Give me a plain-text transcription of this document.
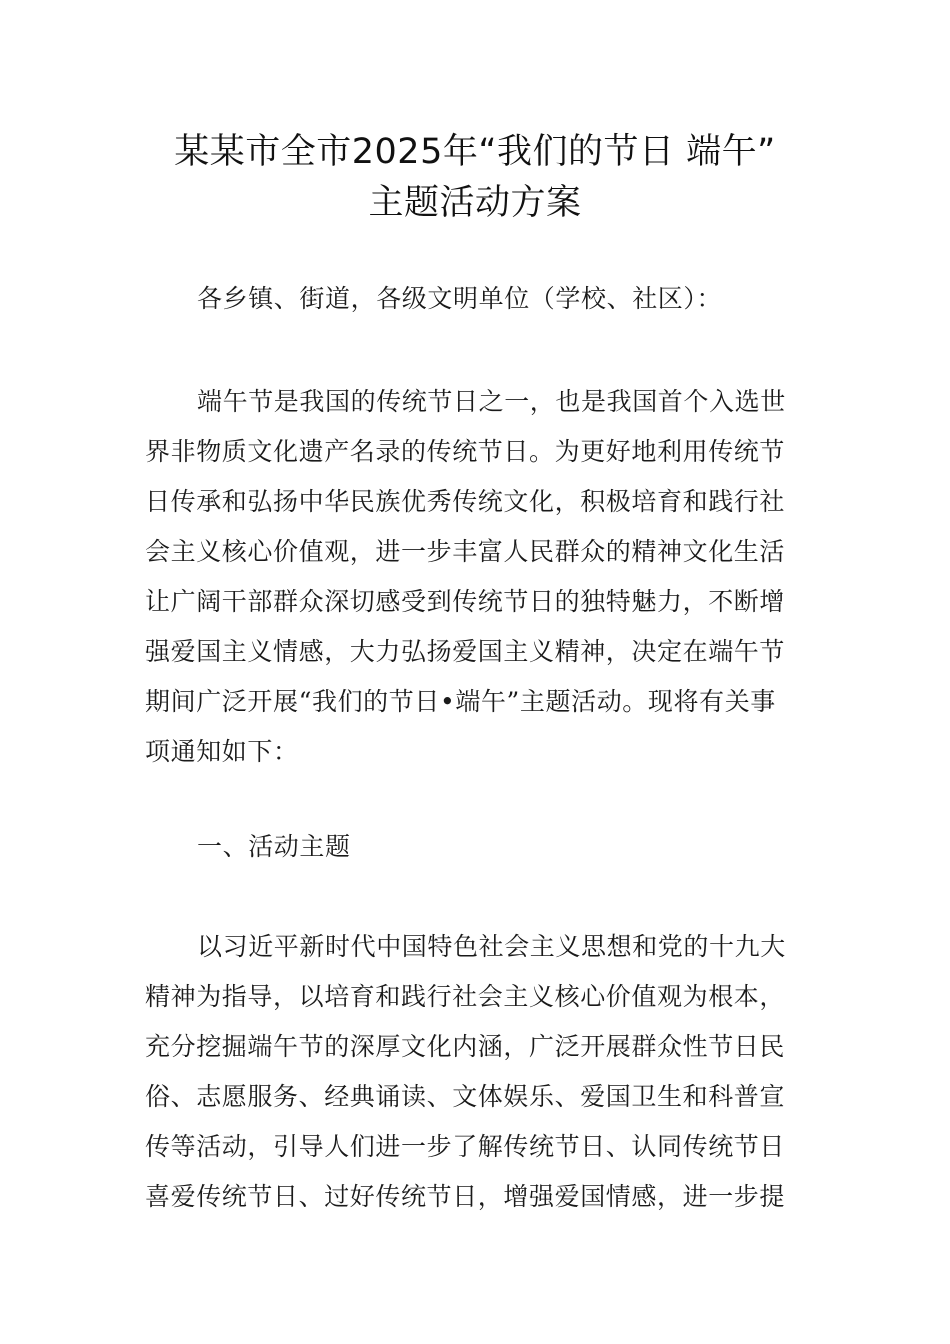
某某市全市2025年“我们的节日 端午”
主题活动方案
各乡镇、街道，各级文明单位（学校、社区）：
端午节是我国的传统节日之一，也是我国首个入选世
界非物质文化遗产名录的传统节日。为更好地利用传统节
日传承和弘扬中华民族优秀传统文化，积极培育和践行社
会主义核心价值观，进一步丰富人民群众的精神文化生活
让广阔干部群众深切感受到传统节日的独特魅力，不断增
强爱国主义情感，大力弘扬爱国主义精神，决定在端午节
期间广泛开展“我们的节日•端午”主题活动。现将有关事
项通知如下：
一、活动主题
以习近平新时代中国特色社会主义思想和党的十九大
精神为指导，以培育和践行社会主义核心价值观为根本，
充分挖掘端午节的深厚文化内涵，广泛开展群众性节日民
俗、志愿服务、经典诵读、文体娱乐、爱国卫生和科普宣
传等活动，引导人们进一步了解传统节日、认同传统节日
喜爱传统节日、过好传统节日，增强爱国情感，进一步提
